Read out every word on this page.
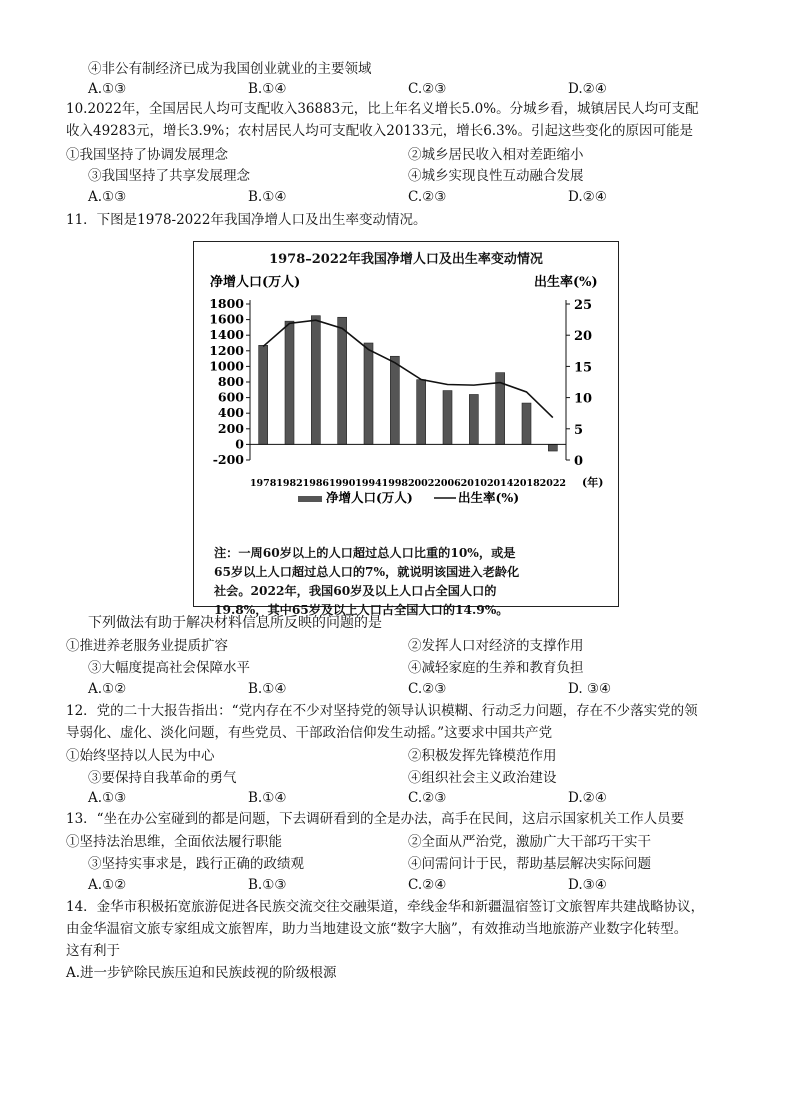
④非公有制经济已成为我国创业就业的主要领域
A.①③	B.①④	C.②③	D.②④
10.2022年，全国居民人均可支配收入36883元，比上年名义增长5.0%。分城乡看，城镇居民人均可支配
收入49283元，增长3.9%；农村居民人均可支配收入20133元，增长6.3%。引起这些变化的原因可能是
①我国坚持了协调发展理念	②城乡居民收入相对差距缩小
③我国坚持了共享发展理念	④城乡实现良性互动融合发展
A.①③	B.①④	C.②③	D.②④
11．下图是1978-2022年我国净增人口及出生率变动情况。
1978–2022年我国净增人口及出生率变动情况
净增人口(万人)	出生率(%)
(年)
-200
0
200
400
600
800
1000
1200
1400
1600
1800
0
5
10
15
20
25
1978 1982 1986 1990 1994 1998 2002 2006 2010 2014 2018 2022
净增人口(万人)	出生率(%)

注：一周60岁以上的人口超过总人口比重的10%，或是

65岁以上人口超过总人口的7%，就说明该国进入老龄化

社会。2022年，我国60岁及以上人口占全国人口的

19.8%，其中65岁及以上人口占全国人口的14.9%。

下列做法有助于解决材料信息所反映的问题的是
①推进养老服务业提质扩容	②发挥人口对经济的支撑作用
③大幅度提高社会保障水平	④减轻家庭的生养和教育负担
A.①②	B.①④	C.②③	D. ③④
12．党的二十大报告指出：“党内存在不少对坚持党的领导认识模糊、行动乏力问题，存在不少落实党的领
导弱化、虚化、淡化问题，有些党员、干部政治信仰发生动摇。”这要求中国共产党
①始终坚持以人民为中心	②积极发挥先锋模范作用
③要保持自我革命的勇气	④组织社会主义政治建设
A.①③	B.①④	C.②③	D.②④
13．“坐在办公室碰到的都是问题，下去调研看到的全是办法，高手在民间，这启示国家机关工作人员要
①坚持法治思维，全面依法履行职能	②全面从严治党，激励广大干部巧干实干
③坚持实事求是，践行正确的政绩观	④问需问计于民，帮助基层解决实际问题
A.①②	B.①③	C.②④	D.③④
14．金华市积极拓宽旅游促进各民族交流交往交融渠道，牵线金华和新疆温宿签订文旅智库共建战略协议，
由金华温宿文旅专家组成文旅智库，助力当地建设文旅“数字大脑”，有效推动当地旅游产业数字化转型。
这有利于
A.进一步铲除民族压迫和民族歧视的阶级根源
